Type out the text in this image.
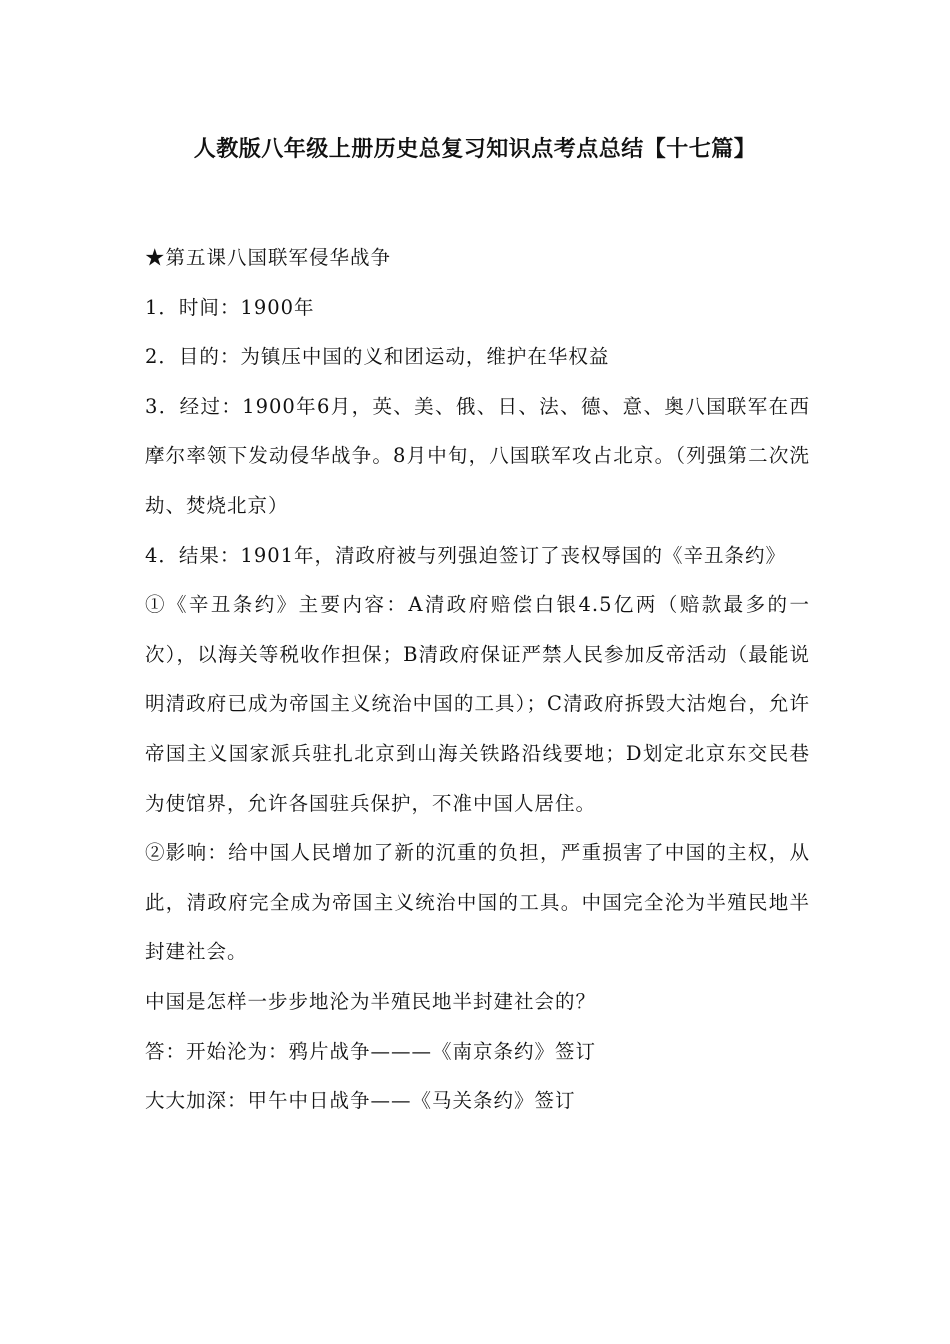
人教版八年级上册历史总复习知识点考点总结【十七篇】

★第五课八国联军侵华战争

1．时间：1900年

2．目的：为镇压中国的义和团运动，维护在华权益

3．经过：1900年6月，英、美、俄、日、法、德、意、奥八国联军在西摩尔率领下发动侵华战争。8月中旬，八国联军攻占北京。（列强第二次洗劫、焚烧北京）

4．结果：1901年，清政府被与列强迫签订了丧权辱国的《辛丑条约》

①《辛丑条约》主要内容：A清政府赔偿白银4.5亿两（赔款最多的一次），以海关等税收作担保；B清政府保证严禁人民参加反帝活动（最能说明清政府已成为帝国主义统治中国的工具）；C清政府拆毁大沽炮台，允许帝国主义国家派兵驻扎北京到山海关铁路沿线要地；D划定北京东交民巷为使馆界，允许各国驻兵保护，不准中国人居住。

②影响：给中国人民增加了新的沉重的负担，严重损害了中国的主权，从此，清政府完全成为帝国主义统治中国的工具。中国完全沦为半殖民地半封建社会。

中国是怎样一步步地沦为半殖民地半封建社会的？

答：开始沦为：鸦片战争———《南京条约》签订

大大加深：甲午中日战争——《马关条约》签订
